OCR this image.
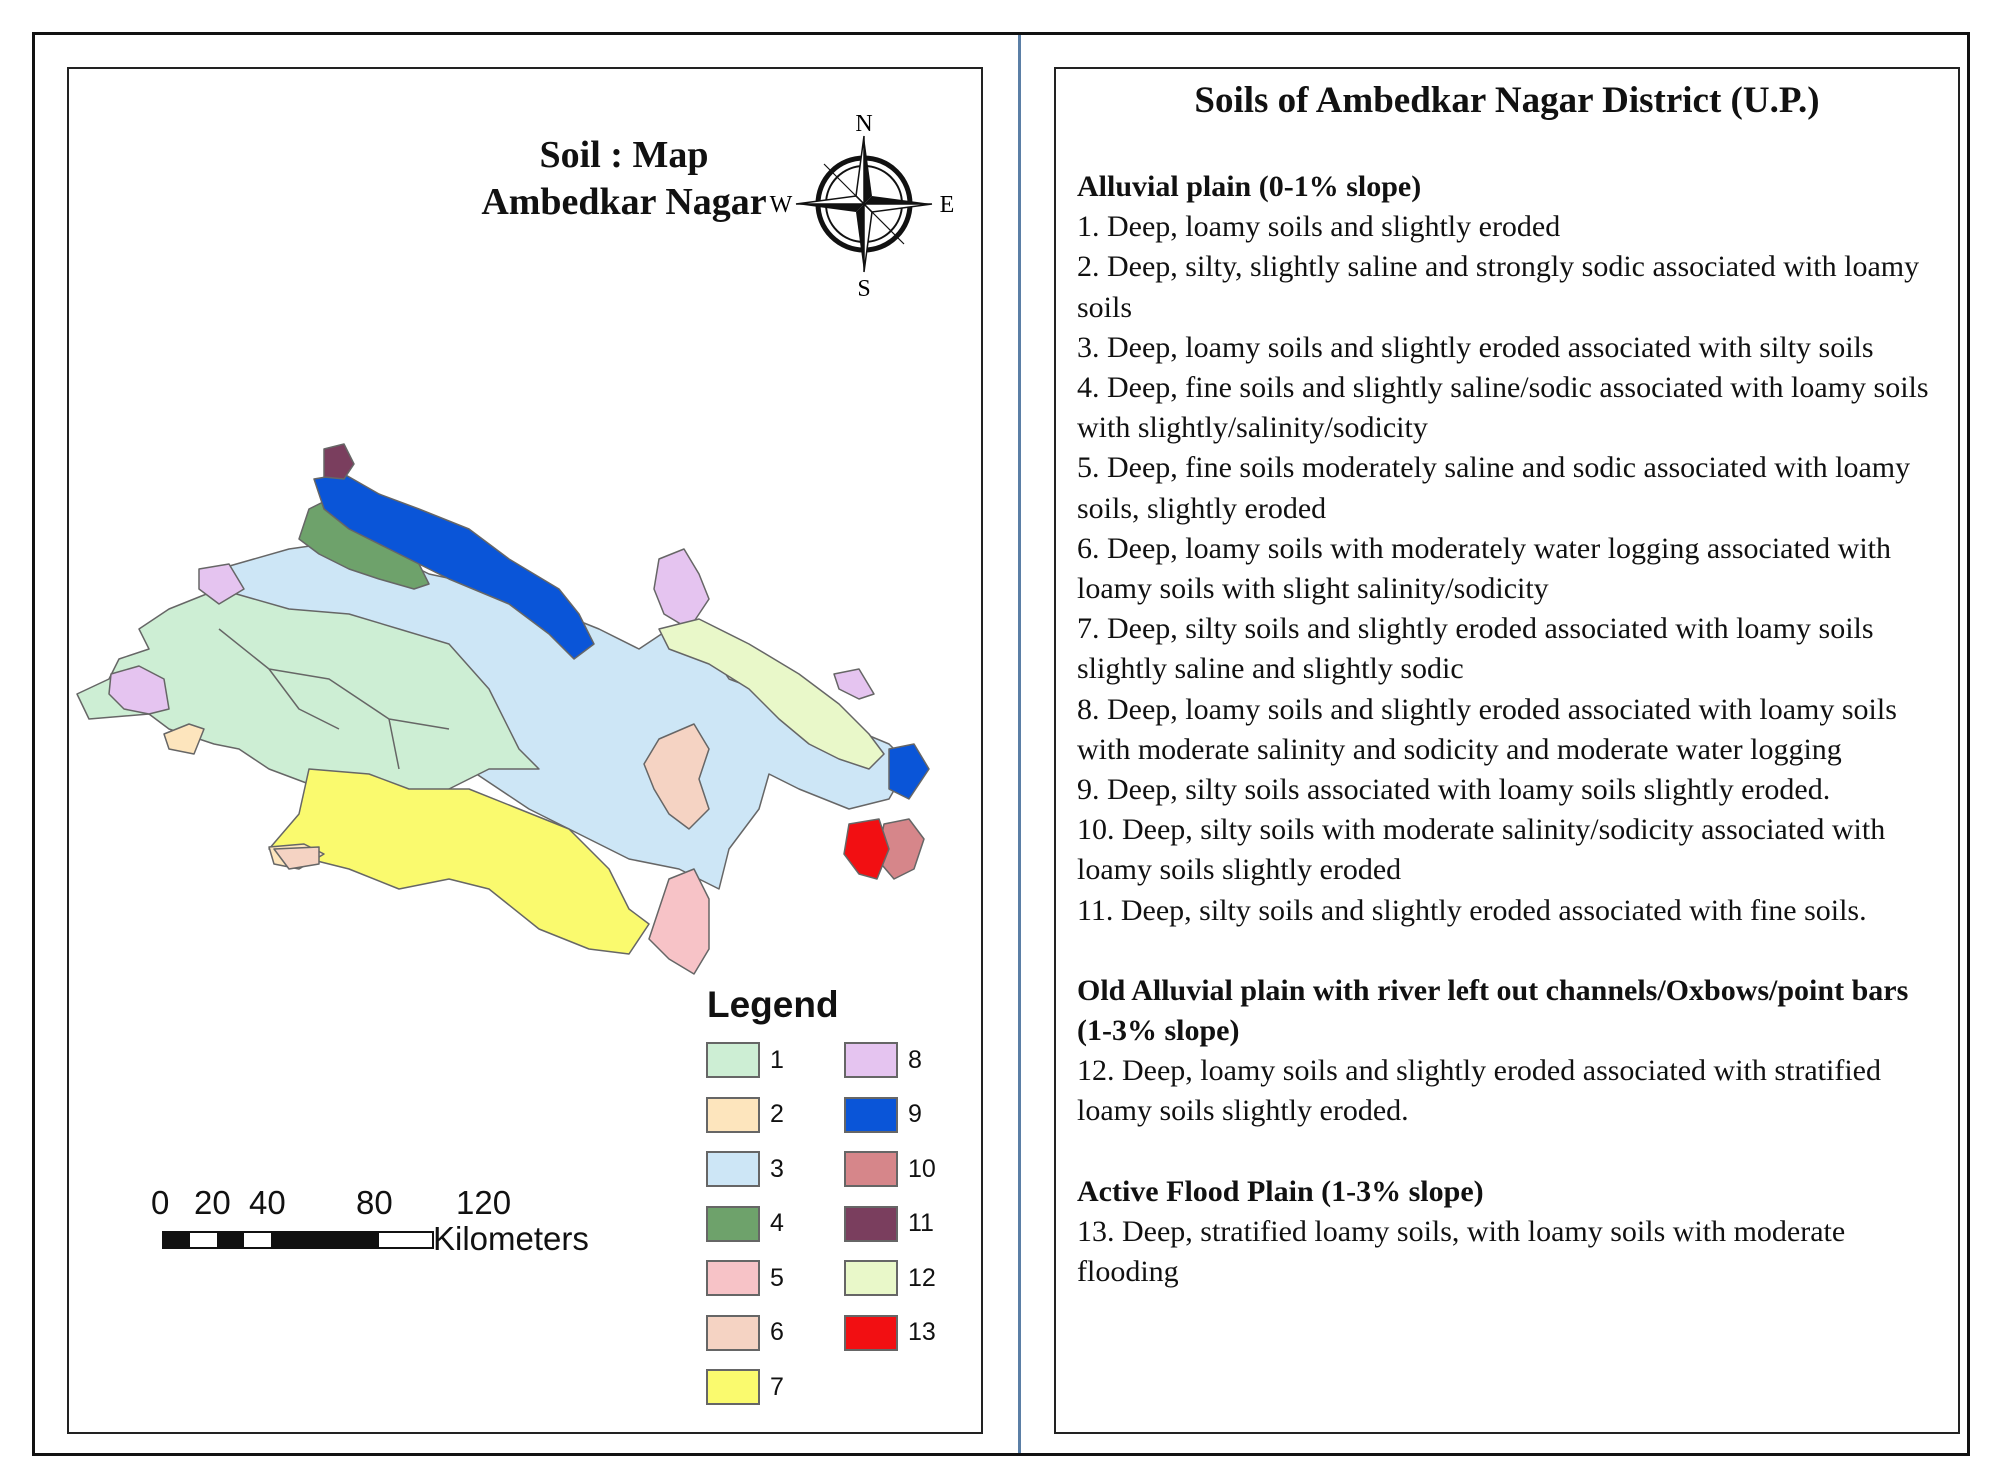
Soil : Map
Ambedkar Nagar
N
S
E
W
Legend
1
2
3
4
5
6
7
8
9
10
11
12
13
0 20 40 80 120
Kilometers
Soils of Ambedkar Nagar District (U.P.)
Alluvial plain (0-1% slope)
1. Deep, loamy soils and slightly eroded
2. Deep, silty, slightly saline and strongly sodic associated with loamy soils
3. Deep, loamy soils and slightly eroded associated with silty soils
4. Deep, fine soils and slightly saline/sodic associated with loamy soils with slightly/salinity/sodicity
5. Deep, fine soils moderately saline and sodic associated with loamy soils, slightly eroded
6. Deep, loamy soils with moderately water logging associated with loamy soils with slight salinity/sodicity
7. Deep, silty soils and slightly eroded associated with loamy soils slightly saline and slightly sodic
8. Deep, loamy soils and slightly eroded associated with loamy soils with moderate salinity and sodicity and moderate water logging
9. Deep, silty soils associated with loamy soils slightly eroded.
10. Deep, silty soils with moderate salinity/sodicity associated with loamy soils slightly eroded
11. Deep, silty soils and slightly eroded associated with fine soils.
Old Alluvial plain with river left out channels/Oxbows/point bars (1-3% slope)
12. Deep, loamy soils and slightly eroded associated with stratified loamy soils slightly eroded.
Active Flood Plain (1-3% slope)
13. Deep, stratified loamy soils, with loamy soils with moderate flooding
